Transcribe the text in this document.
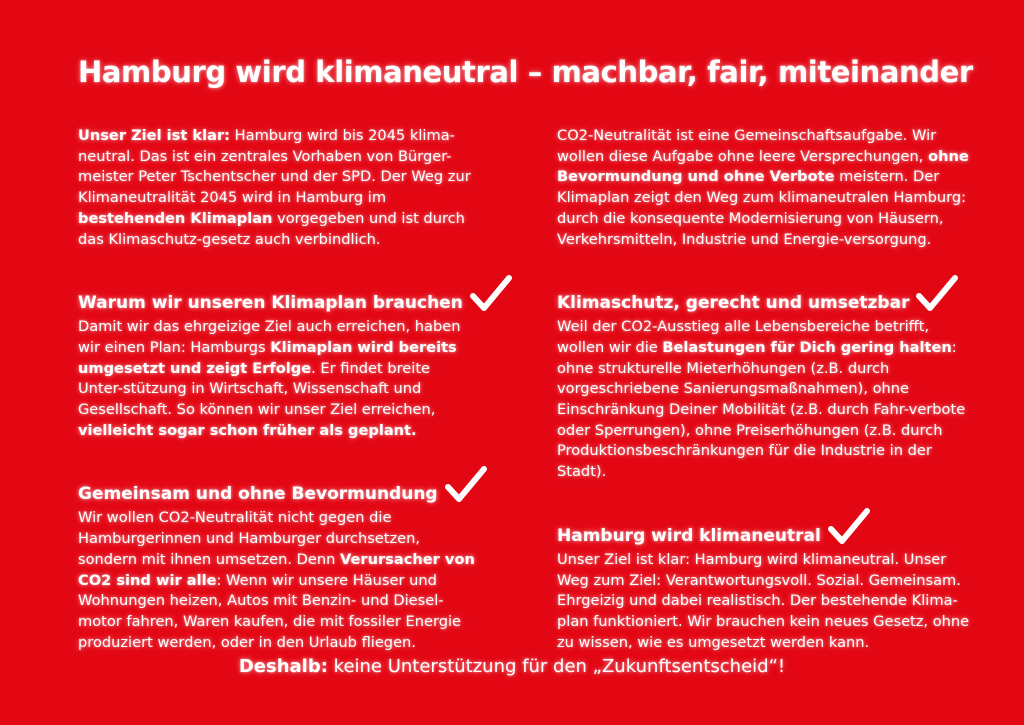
Hamburg wird klimaneutral – machbar, fair, miteinander

Unser Ziel ist klar: Hamburg wird bis 2045 klima-neutral. Das ist ein zentrales Vorhaben von Bürger-meister Peter Tschentscher und der SPD. Der Weg zur Klimaneutralität 2045 wird in Hamburg im bestehenden Klimaplan vorgegeben und ist durch das Klimaschutz-gesetz auch verbindlich.

Warum wir unseren Klimaplan brauchen

Damit wir das ehrgeizige Ziel auch erreichen, haben wir einen Plan: Hamburgs Klimaplan wird bereits umgesetzt und zeigt Erfolge. Er findet breite Unter-stützung in Wirtschaft, Wissenschaft und Gesellschaft. So können wir unser Ziel erreichen, vielleicht sogar schon früher als geplant.

Gemeinsam und ohne Bevormundung

Wir wollen CO2-Neutralität nicht gegen die Hamburgerinnen und Hamburger durchsetzen, sondern mit ihnen umsetzen. Denn Verursacher von CO2 sind wir alle: Wenn wir unsere Häuser und Wohnungen heizen, Autos mit Benzin- und Diesel-motor fahren, Waren kaufen, die mit fossiler Energie produziert werden, oder in den Urlaub fliegen.

CO2-Neutralität ist eine Gemeinschaftsaufgabe. Wir wollen diese Aufgabe ohne leere Versprechungen, ohne Bevormundung und ohne Verbote meistern. Der Klimaplan zeigt den Weg zum klimaneutralen Hamburg: durch die konsequente Modernisierung von Häusern, Verkehrsmitteln, Industrie und Energie-versorgung.

Klimaschutz, gerecht und umsetzbar

Weil der CO2-Ausstieg alle Lebensbereiche betrifft, wollen wir die Belastungen für Dich gering halten: ohne strukturelle Mieterhöhungen (z.B. durch vorgeschriebene Sanierungsmaßnahmen), ohne Einschränkung Deiner Mobilität (z.B. durch Fahr-verbote oder Sperrungen), ohne Preiserhöhungen (z.B. durch Produktionsbeschränkungen für die Industrie in der Stadt).

Hamburg wird klimaneutral

Unser Ziel ist klar: Hamburg wird klimaneutral. Unser Weg zum Ziel: Verantwortungsvoll. Sozial. Gemeinsam. Ehrgeizig und dabei realistisch. Der bestehende Klima-plan funktioniert. Wir brauchen kein neues Gesetz, ohne zu wissen, wie es umgesetzt werden kann.

Deshalb: keine Unterstützung für den „Zukunftsentscheid“!
